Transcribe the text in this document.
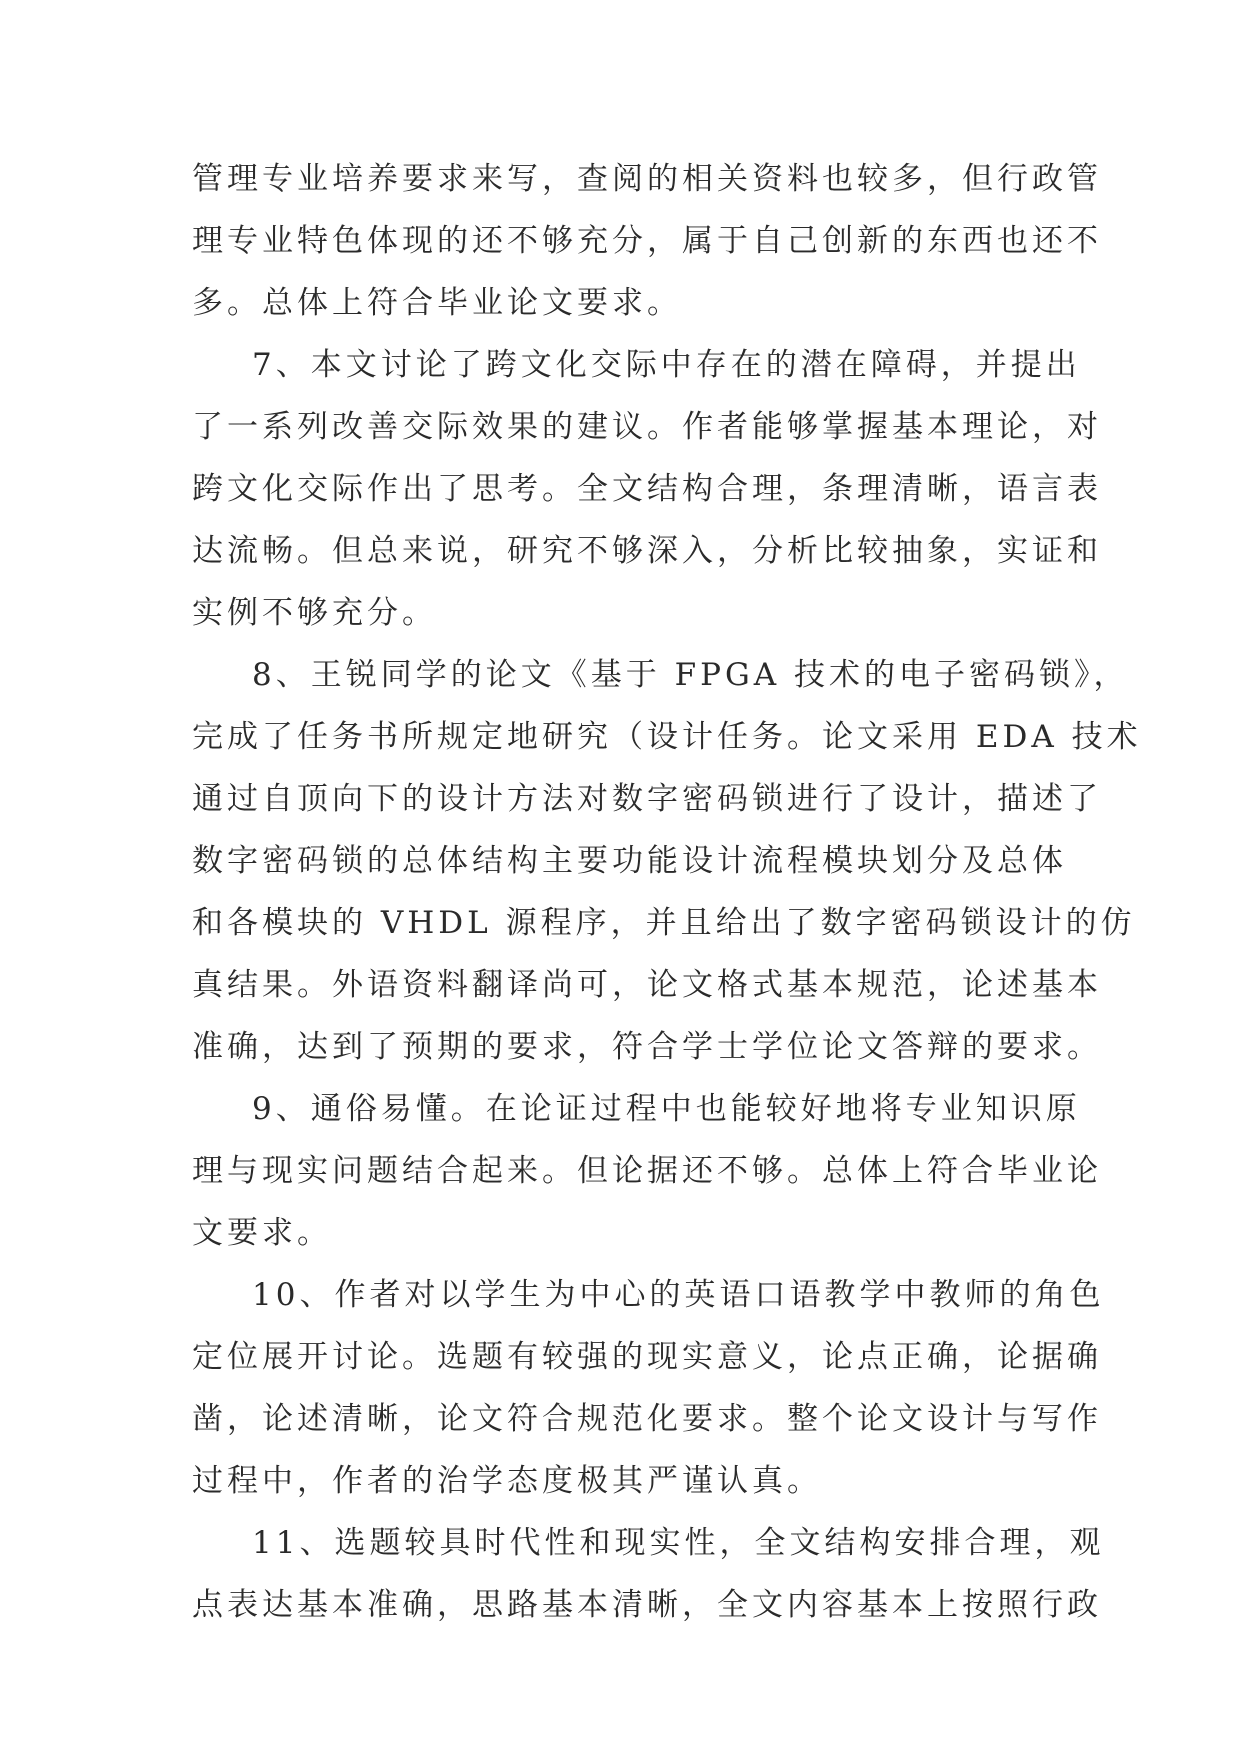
管理专业培养要求来写，查阅的相关资料也较多，但行政管
理专业特色体现的还不够充分，属于自己创新的东西也还不
多。总体上符合毕业论文要求。
7、本文讨论了跨文化交际中存在的潜在障碍，并提出
了一系列改善交际效果的建议。作者能够掌握基本理论，对
跨文化交际作出了思考。全文结构合理，条理清晰，语言表
达流畅。但总来说，研究不够深入，分析比较抽象，实证和
实例不够充分。
8、王锐同学的论文《基于 FPGA 技术的电子密码锁》，
完成了任务书所规定地研究（设计任务。论文采用 EDA 技术
通过自顶向下的设计方法对数字密码锁进行了设计，描述了
数字密码锁的总体结构主要功能设计流程模块划分及总体
和各模块的 VHDL 源程序，并且给出了数字密码锁设计的仿
真结果。外语资料翻译尚可，论文格式基本规范，论述基本
准确，达到了预期的要求，符合学士学位论文答辩的要求。
9、通俗易懂。在论证过程中也能较好地将专业知识原
理与现实问题结合起来。但论据还不够。总体上符合毕业论
文要求。
10、作者对以学生为中心的英语口语教学中教师的角色
定位展开讨论。选题有较强的现实意义，论点正确，论据确
凿，论述清晰，论文符合规范化要求。整个论文设计与写作
过程中，作者的治学态度极其严谨认真。
11、选题较具时代性和现实性，全文结构安排合理，观
点表达基本准确，思路基本清晰，全文内容基本上按照行政
